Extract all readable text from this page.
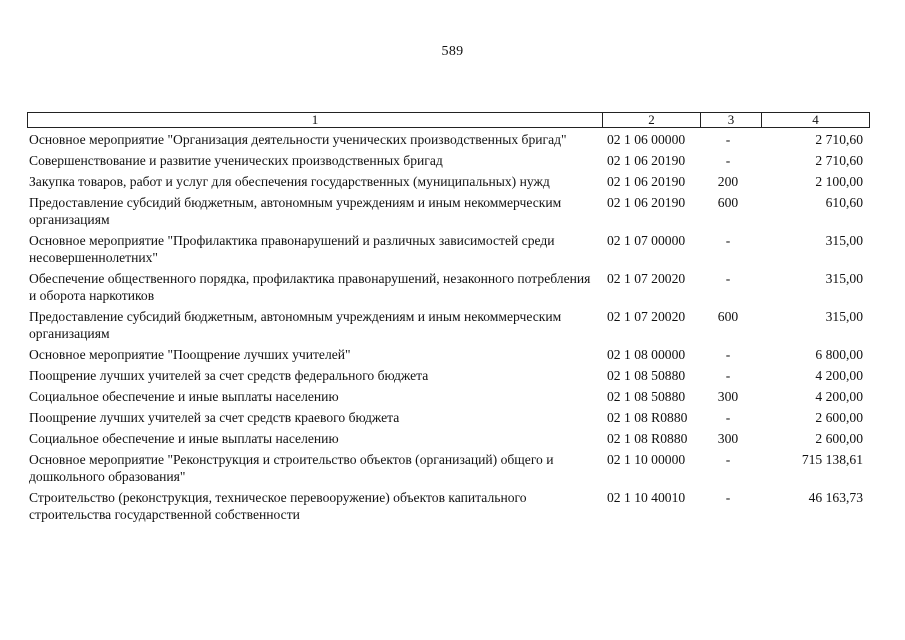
589
1	2	3	4
Основное мероприятие "Организация деятельности ученических производственных бригад"	02 1 06 00000	-	2 710,60
Совершенствование и развитие ученических производственных бригад	02 1 06 20190	-	2 710,60
Закупка товаров, работ и услуг для обеспечения государственных (муниципальных) нужд	02 1 06 20190	200	2 100,00
Предоставление субсидий бюджетным, автономным учреждениям и иным некоммерческим организациям	02 1 06 20190	600	610,60
Основное мероприятие "Профилактика правонарушений и различных зависимостей среди несовершеннолетних"	02 1 07 00000	-	315,00
Обеспечение общественного порядка, профилактика правонарушений, незаконного потребления и оборота наркотиков	02 1 07 20020	-	315,00
Предоставление субсидий бюджетным, автономным учреждениям и иным некоммерческим организациям	02 1 07 20020	600	315,00
Основное мероприятие "Поощрение лучших учителей"	02 1 08 00000	-	6 800,00
Поощрение лучших учителей за счет средств федерального бюджета	02 1 08 50880	-	4 200,00
Социальное обеспечение и иные выплаты населению	02 1 08 50880	300	4 200,00
Поощрение лучших учителей за счет средств краевого бюджета	02 1 08 R0880	-	2 600,00
Социальное обеспечение и иные выплаты населению	02 1 08 R0880	300	2 600,00
Основное мероприятие "Реконструкция и строительство объектов (организаций) общего и дошкольного образования"	02 1 10 00000	-	715 138,61
Строительство (реконструкция, техническое перевооружение) объектов капитального строительства государственной собственности	02 1 10 40010	-	46 163,73
